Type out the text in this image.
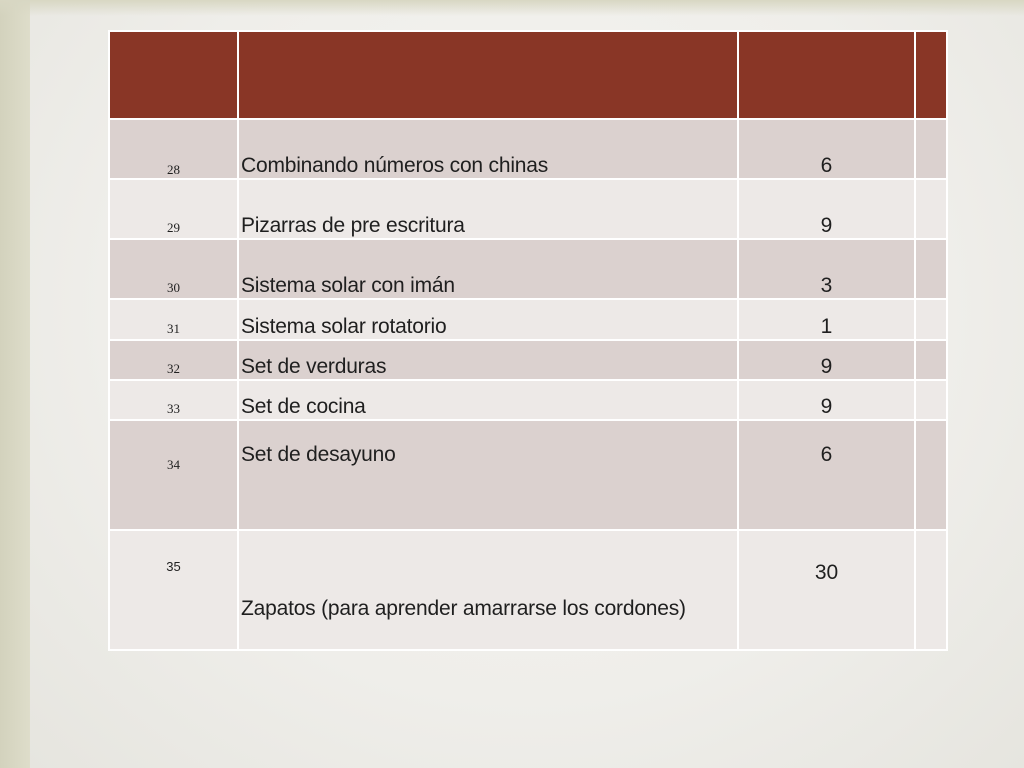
28	Combinando números con chinas	6	
29	Pizarras de pre escritura	9	
30	Sistema solar con imán	3	
31	Sistema solar rotatorio	1	
32	Set de verduras	9	
33	Set de cocina	9	
34	Set de desayuno	6	
35	Zapatos (para aprender amarrarse los cordones)	30	
